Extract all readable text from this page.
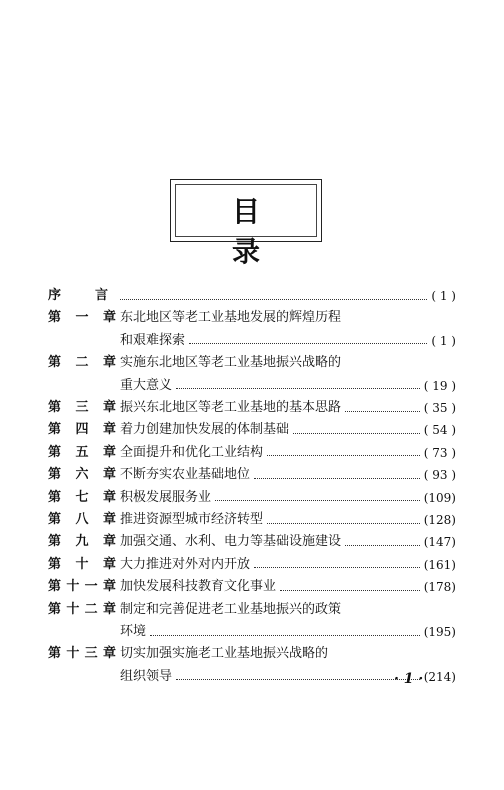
目 录
序	言	( 1 )
第 一 章 东北地区等老工业基地发展的辉煌历程
和艰难探索	( 1 )
第 二 章 实施东北地区等老工业基地振兴战略的
重大意义	( 19 )
第 三 章 振兴东北地区等老工业基地的基本思路	( 35 )
第 四 章 着力创建加快发展的体制基础	( 54 )
第 五 章 全面提升和优化工业结构	( 73 )
第 六 章 不断夯实农业基础地位	( 93 )
第 七 章 积极发展服务业	(109)
第 八 章 推进资源型城市经济转型	(128)
第 九 章 加强交通、水利、电力等基础设施建设	(147)
第 十 章 大力推进对外对内开放	(161)
第 十 一 章 加快发展科技教育文化事业	(178)
第 十 二 章 制定和完善促进老工业基地振兴的政策
环境	(195)
第 十 三 章 切实加强实施老工业基地振兴战略的
组织领导	(214)
· 1 ·
